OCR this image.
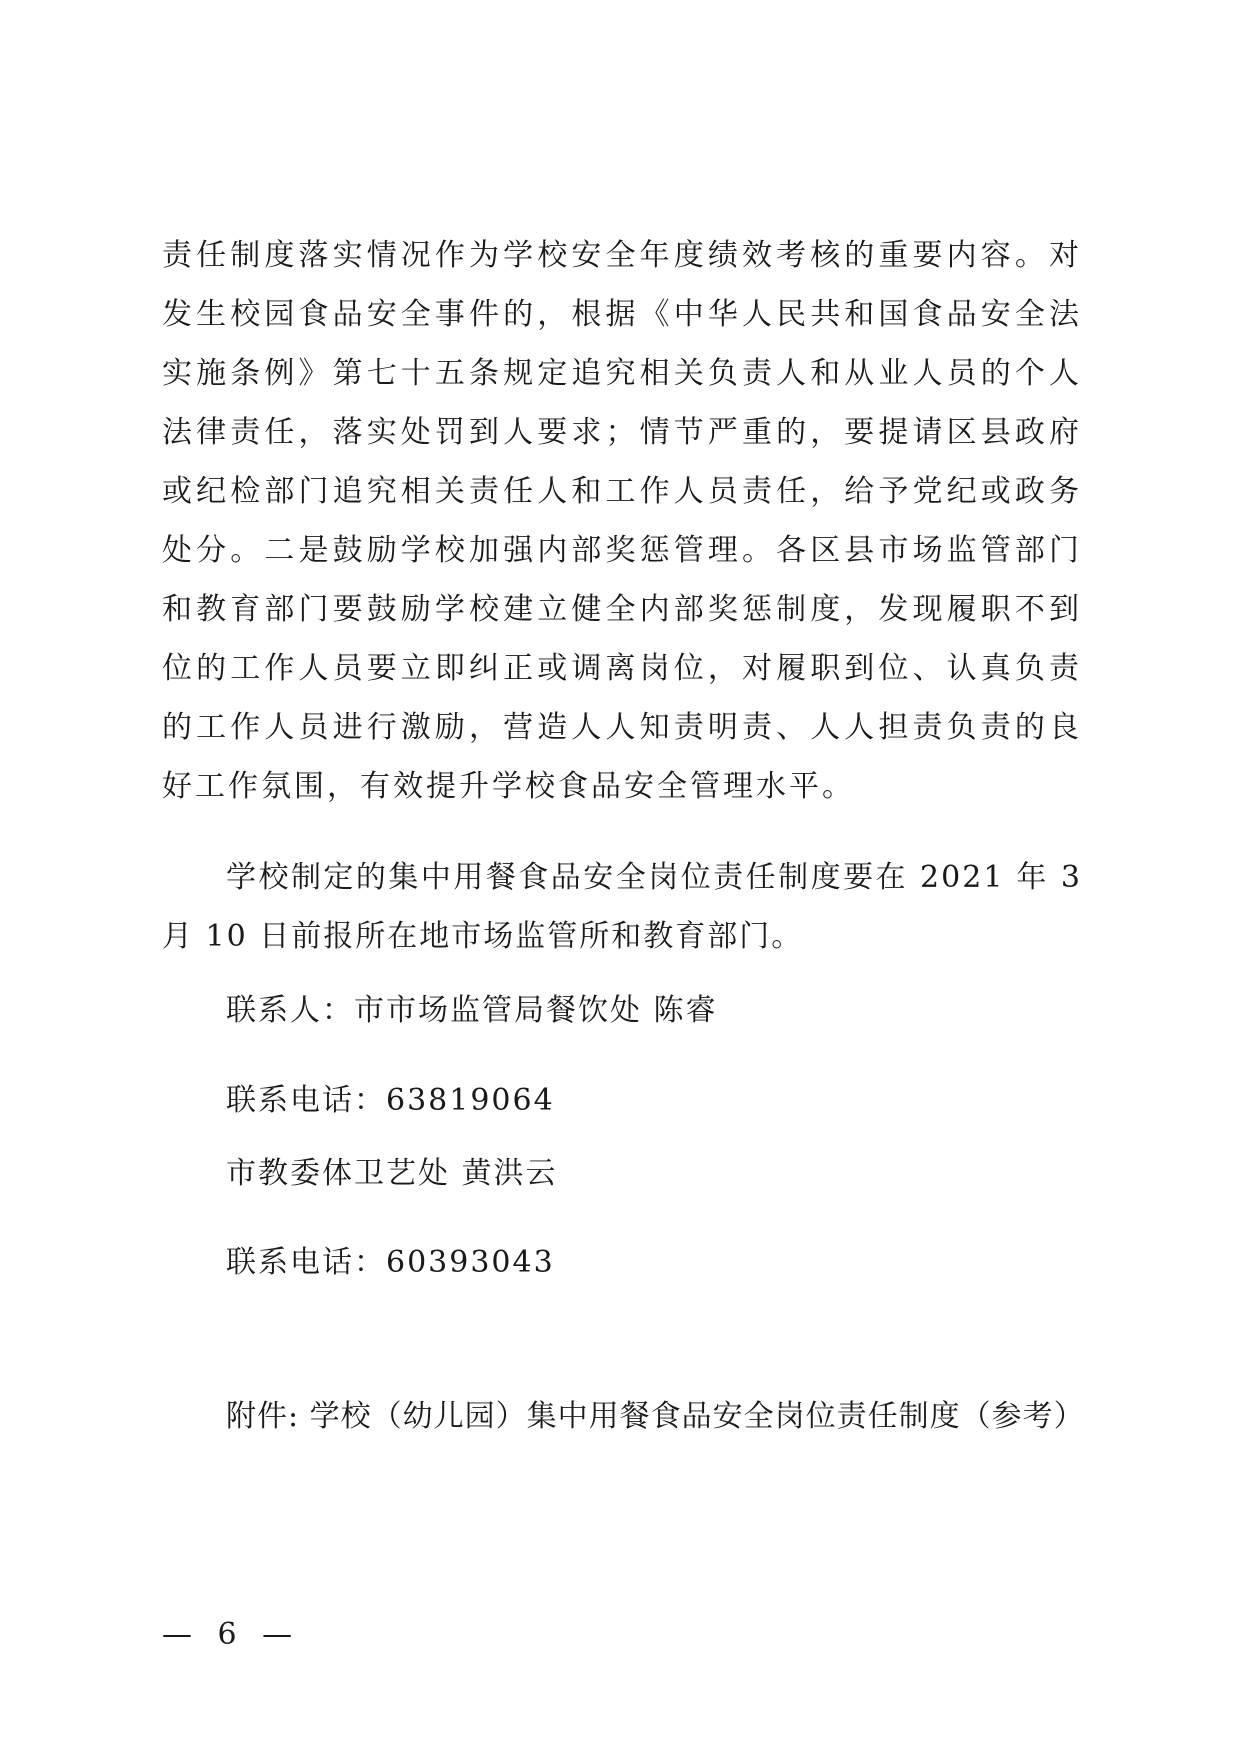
责任制度落实情况作为学校安全年度绩效考核的重要内容。对发生校园食品安全事件的，根据《中华人民共和国食品安全法实施条例》第七十五条规定追究相关负责人和从业人员的个人法律责任，落实处罚到人要求；情节严重的，要提请区县政府或纪检部门追究相关责任人和工作人员责任，给予党纪或政务处分。二是鼓励学校加强内部奖惩管理。各区县市场监管部门和教育部门要鼓励学校建立健全内部奖惩制度，发现履职不到位的工作人员要立即纠正或调离岗位，对履职到位、认真负责的工作人员进行激励，营造人人知责明责、人人担责负责的良好工作氛围，有效提升学校食品安全管理水平。

学校制定的集中用餐食品安全岗位责任制度要在 2021 年 3 月 10 日前报所在地市场监管所和教育部门。

联系人：市市场监管局餐饮处 陈睿

联系电话：63819064

市教委体卫艺处 黄洪云

联系电话：60393043

附件: 学校（幼儿园）集中用餐食品安全岗位责任制度（参考）

— 6 —
